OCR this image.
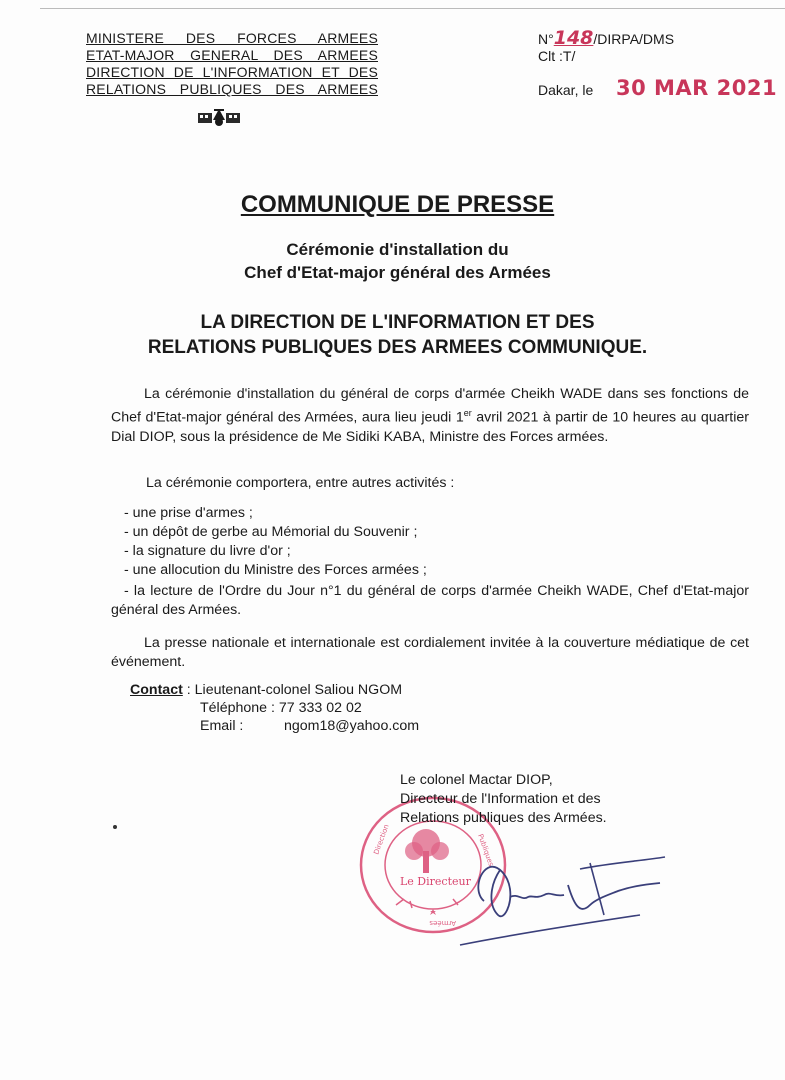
MINISTERE DES FORCES ARMEES
ETAT-MAJOR GENERAL DES ARMEES
DIRECTION DE L'INFORMATION ET DES
RELATIONS PUBLIQUES DES ARMEES
N°148/DIRPA/DMS
Clt :T/
Dakar, le 30 MAR 2021
COMMUNIQUE DE PRESSE
Cérémonie d'installation du
Chef d'Etat-major général des Armées
LA DIRECTION DE L'INFORMATION ET DES
RELATIONS PUBLIQUES DES ARMEES COMMUNIQUE.
La cérémonie d'installation du général de corps d'armée Cheikh WADE dans ses fonctions de Chef d'Etat-major général des Armées, aura lieu jeudi 1er avril 2021 à partir de 10 heures au quartier Dial DIOP, sous la présidence de Me Sidiki KABA, Ministre des Forces armées.
La cérémonie comportera, entre autres activités :
- une prise d'armes ;
- un dépôt de gerbe au Mémorial du Souvenir ;
- la signature du livre d'or ;
- une allocution du Ministre des Forces armées ;
- la lecture de l'Ordre du Jour n°1 du général de corps d'armée Cheikh WADE, Chef d'Etat-major général des Armées.
La presse nationale et internationale est cordialement invitée à la couverture médiatique de cet événement.
Contact : Lieutenant-colonel Saliou NGOM
Téléphone : 77 333 02 02
Email :	ngom18@yahoo.com
Direction	Publiques
Armées
Le Directeur
Le colonel Mactar DIOP,
Directeur de l'Information et des
Relations publiques des Armées.
